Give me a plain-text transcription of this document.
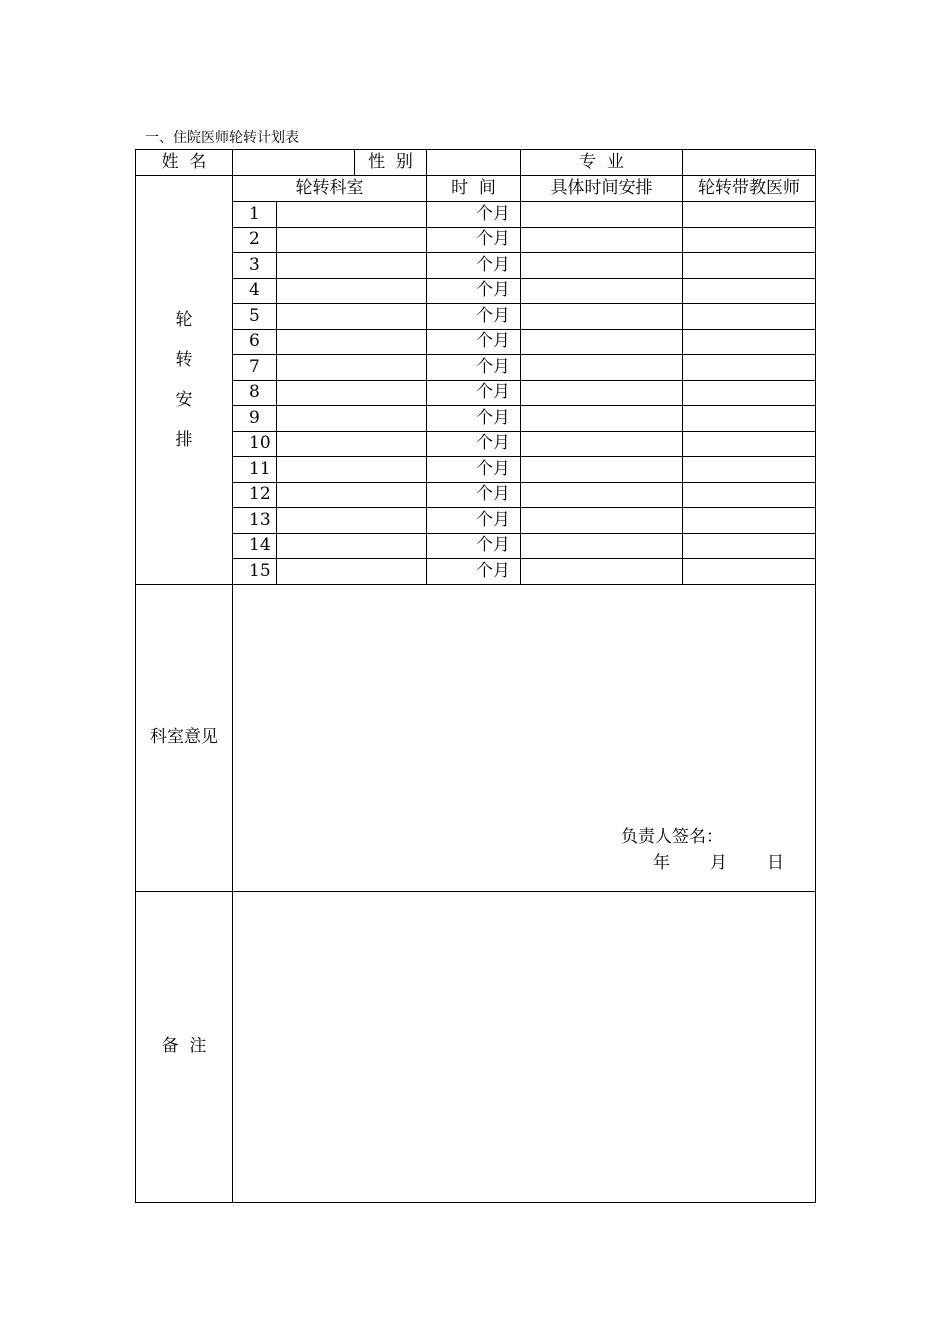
一、住院医师轮转计划表
姓  名			性  别		专  业	

轮
转
安
排	轮转科室			时  间	具体时间安排	轮转带教医师
	1			个月		
	2			个月		
	3			个月		
	4			个月		
	5			个月		
	6			个月		
	7			个月		
	8			个月		
	9			个月		
	10			个月		
	11			个月		
	12			个月		
	13			个月		
	14			个月		
	15			个月		
科室意见	负责人签名：
年 月 日					

备  注						
